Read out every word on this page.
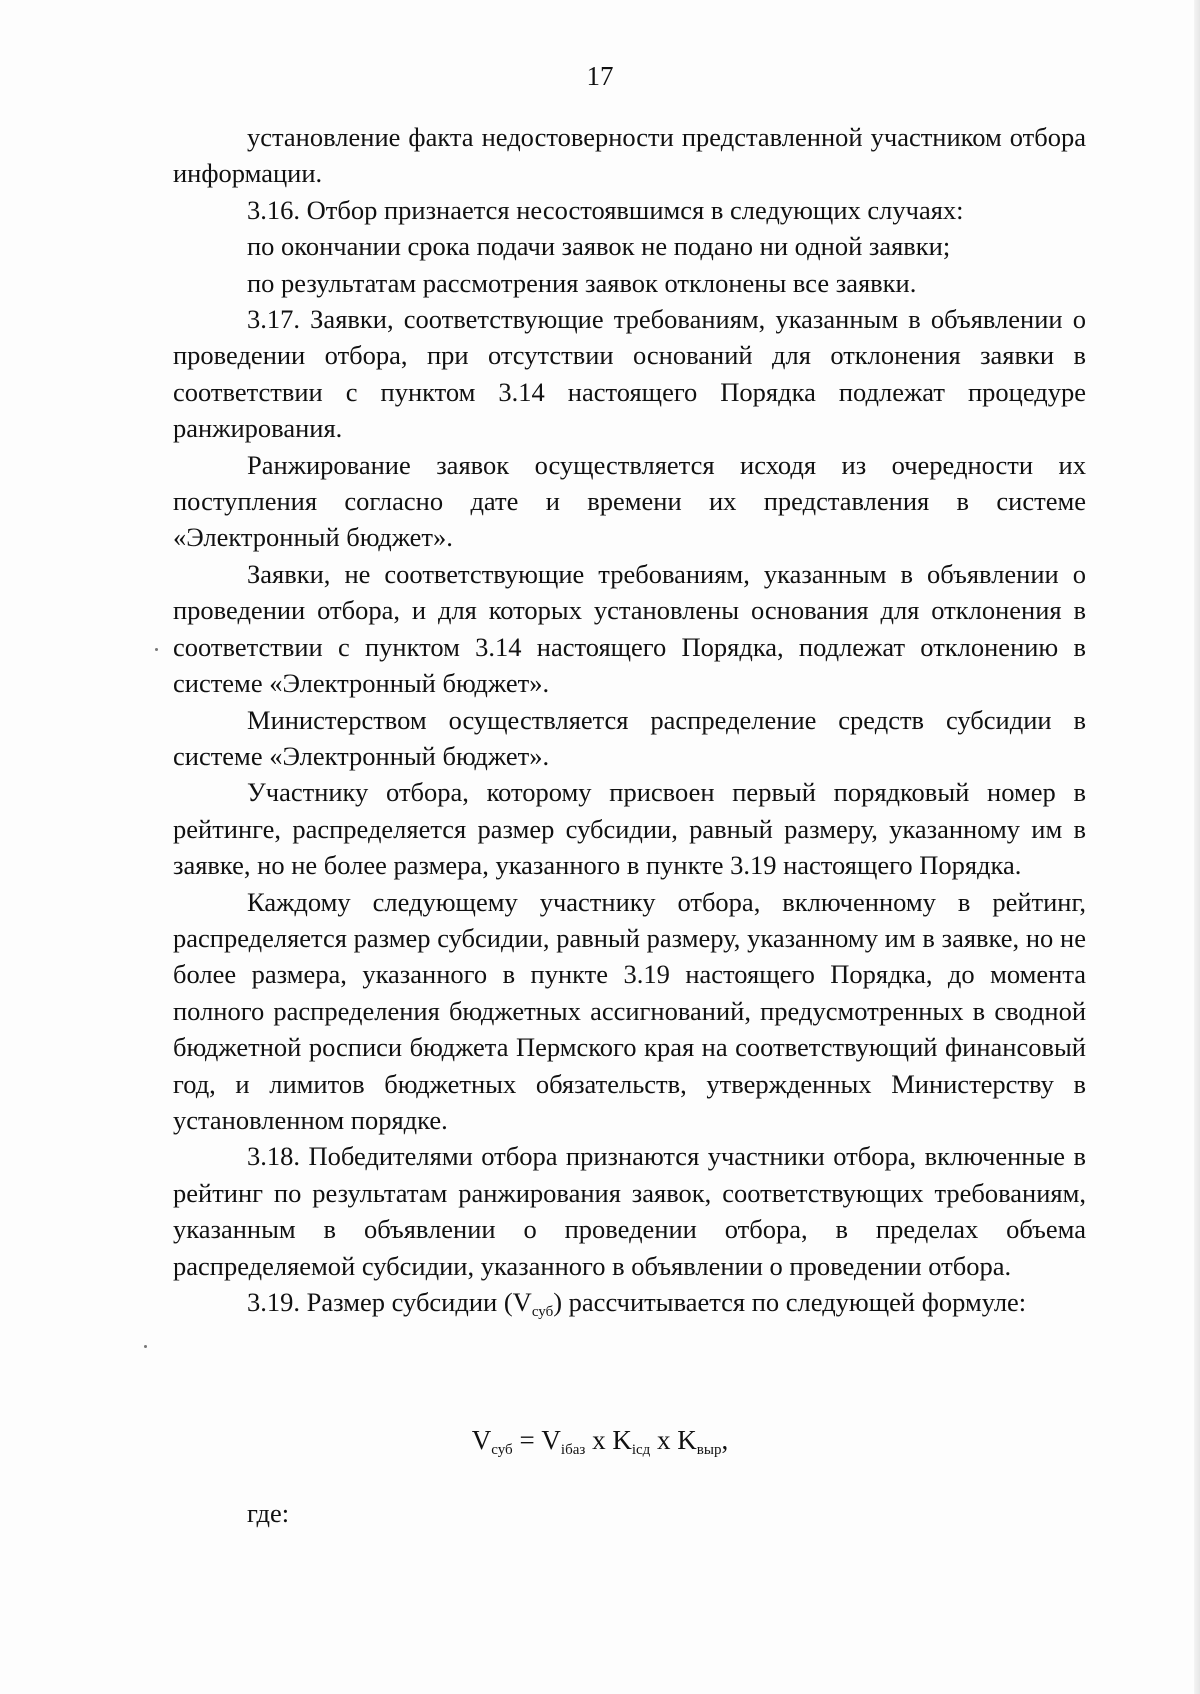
17

установление факта недостоверности представленной участником отбора информации.

3.16. Отбор признается несостоявшимся в следующих случаях:

по окончании срока подачи заявок не подано ни одной заявки;

по результатам рассмотрения заявок отклонены все заявки.

3.17. Заявки, соответствующие требованиям, указанным в объявлении о проведении отбора, при отсутствии оснований для отклонения заявки в соответствии с пунктом 3.14 настоящего Порядка подлежат процедуре ранжирования.

Ранжирование заявок осуществляется исходя из очередности их поступления согласно дате и времени их представления в системе «Электронный бюджет».

Заявки, не соответствующие требованиям, указанным в объявлении о проведении отбора, и для которых установлены основания для отклонения в соответствии с пунктом 3.14 настоящего Порядка, подлежат отклонению в системе «Электронный бюджет».

Министерством осуществляется распределение средств субсидии в системе «Электронный бюджет».

Участнику отбора, которому присвоен первый порядковый номер в рейтинге, распределяется размер субсидии, равный размеру, указанному им в заявке, но не более размера, указанного в пункте 3.19 настоящего Порядка.

Каждому следующему участнику отбора, включенному в рейтинг, распределяется размер субсидии, равный размеру, указанному им в заявке, но не более размера, указанного в пункте 3.19 настоящего Порядка, до момента полного распределения бюджетных ассигнований, предусмотренных в сводной бюджетной росписи бюджета Пермского края на соответствующий финансовый год, и лимитов бюджетных обязательств, утвержденных Министерству в установленном порядке.

3.18. Победителями отбора признаются участники отбора, включенные в рейтинг по результатам ранжирования заявок, соответствующих требованиям, указанным в объявлении о проведении отбора, в пределах объема распределяемой субсидии, указанного в объявлении о проведении отбора.

3.19. Размер субсидии $(V_{суб})$ рассчитывается по следующей формуле:

$V_{суб} = V_{iбаз}$ x $K_{iсд}$ x $K_{выр}$,
где:
